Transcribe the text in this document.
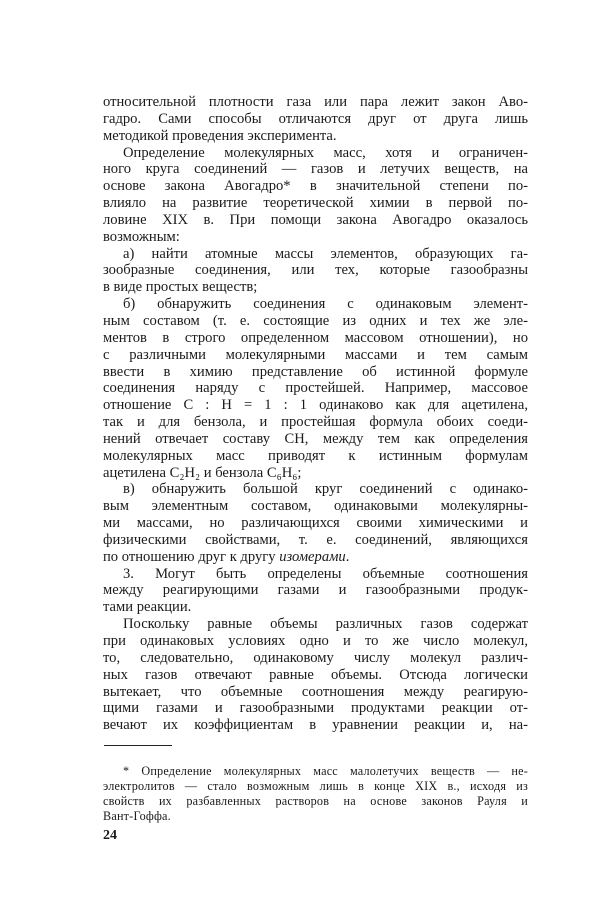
относительной плотности газа или пара лежит закон Аво-
гадро. Сами способы отличаются друг от друга лишь
методикой проведения эксперимента.
Определение молекулярных масс, хотя и ограничен-
ного круга соединений — газов и летучих веществ, на
основе закона Авогадро* в значительной степени по-
влияло на развитие теоретической химии в первой по-
ловине XIX в. При помощи закона Авогадро оказалось
возможным:
а) найти атомные массы элементов, образующих га-
зообразные соединения, или тех, которые газообразны
в виде простых веществ;
б) обнаружить соединения с одинаковым элемент-
ным составом (т. е. состоящие из одних и тех же эле-
ментов в строго определенном массовом отношении), но
с различными молекулярными массами и тем самым
ввести в химию представление об истинной формуле
соединения наряду с простейшей. Например, массовое
отношение C : H = 1 : 1 одинаково как для ацетилена,
так и для бензола, и простейшая формула обоих соеди-
нений отвечает составу CH, между тем как определения
молекулярных масс приводят к истинным формулам
ацетилена C₂H₂ и бензола C₆H₆;
в) обнаружить большой круг соединений с одинако-
вым элементным составом, одинаковыми молекулярны-
ми массами, но различающихся своими химическими и
физическими свойствами, т. е. соединений, являющихся
по отношению друг к другу изомерами.
3. Могут быть определены объемные соотношения
между реагирующими газами и газообразными продук-
тами реакции.
Поскольку равные объемы различных газов содержат
при одинаковых условиях одно и то же число молекул,
то, следовательно, одинаковому числу молекул различ-
ных газов отвечают равные объемы. Отсюда логически
вытекает, что объемные соотношения между реагирую-
щими газами и газообразными продуктами реакции от-
вечают их коэффициентам в уравнении реакции и, на-
* Определение молекулярных масс малолетучих веществ — не-
электролитов — стало возможным лишь в конце XIX в., исходя из
свойств их разбавленных растворов на основе законов Рауля и
Вант-Гоффа.
24
